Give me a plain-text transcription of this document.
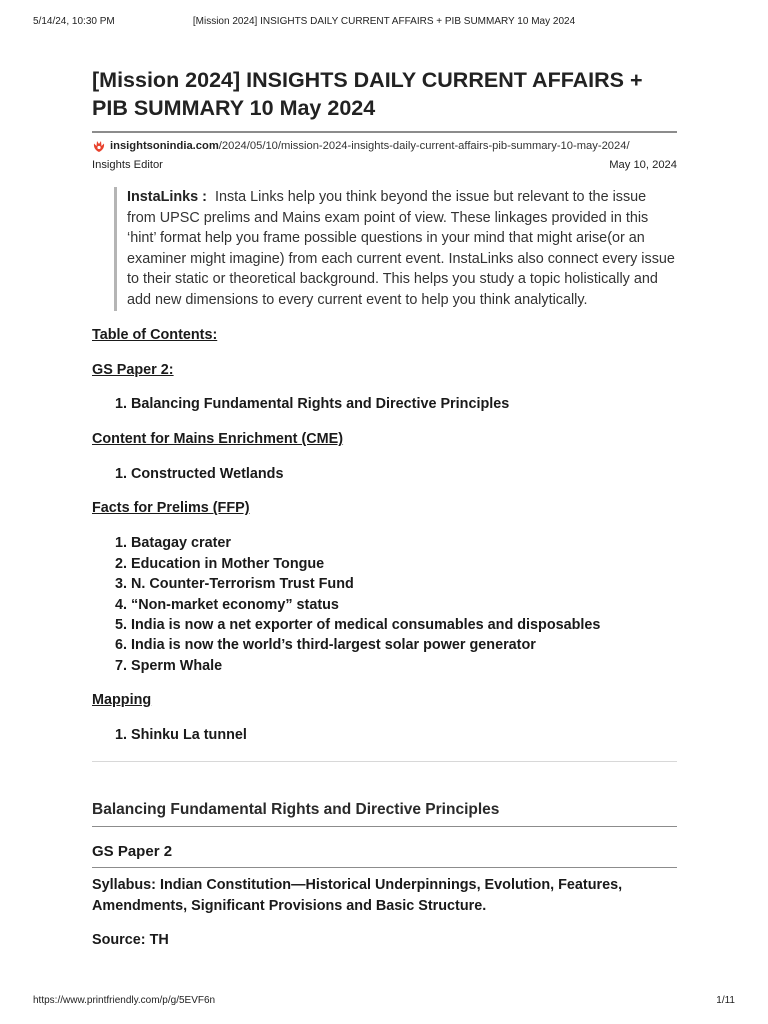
5/14/24, 10:30 PM	[Mission 2024] INSIGHTS DAILY CURRENT AFFAIRS + PIB SUMMARY 10 May 2024
[Mission 2024] INSIGHTS DAILY CURRENT AFFAIRS + PIB SUMMARY 10 May 2024
insightsonindia.com /2024/05/10/mission-2024-insights-daily-current-affairs-pib-summary-10-may-2024/
Insights Editor	May 10, 2024
InstaLinks : Insta Links help you think beyond the issue but relevant to the issue from UPSC prelims and Mains exam point of view. These linkages provided in this ‘hint’ format help you frame possible questions in your mind that might arise(or an examiner might imagine) from each current event. InstaLinks also connect every issue to their static or theoretical background. This helps you study a topic holistically and add new dimensions to every current event to help you think analytically.

Table of Contents:

GS Paper 2:

1. Balancing Fundamental Rights and Directive Principles

Content for Mains Enrichment (CME)

1. Constructed Wetlands

Facts for Prelims (FFP)

1. Batagay crater
2. Education in Mother Tongue
3. N. Counter-Terrorism Trust Fund
4. “Non-market economy” status
5. India is now a net exporter of medical consumables and disposables
6. India is now the world’s third-largest solar power generator
7. Sperm Whale

Mapping

1. Shinku La tunnel
Balancing Fundamental Rights and Directive Principles
GS Paper 2

Syllabus: Indian Constitution—Historical Underpinnings, Evolution, Features, Amendments, Significant Provisions and Basic Structure.

Source: TH

https://www.printfriendly.com/p/g/5EVF6n	1/11
